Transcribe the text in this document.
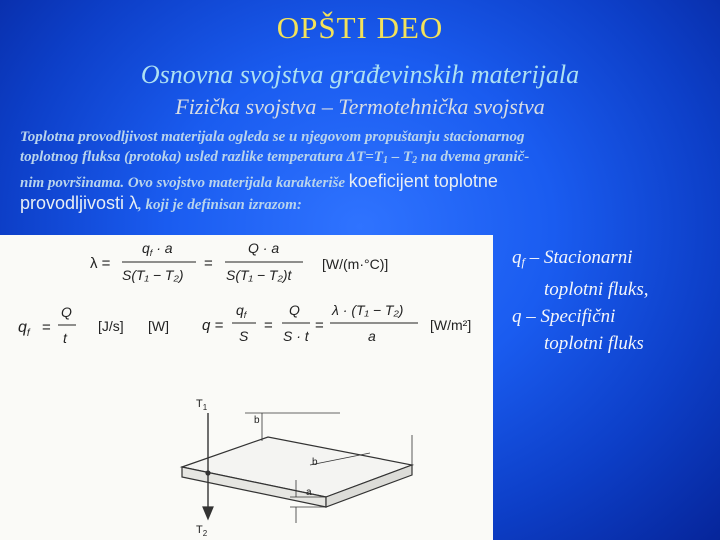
OPŠTI DEO
Osnovna svojstva građevinskih materijala
Fizička svojstva – Termotehnička svojstva
Toplotna provodljivost materijala ogleda se u njegovom propuštanju stacionarnog
toplotnog fluksa (protoka) usled razlike temperatura $\Delta T=T_1 - T_2$ na dvema granič-
nim površinama. Ovo svojstvo materijala karakteriše koeficijent toplotne
provodljivosti λ, koji je definisan izrazom:
λ =
$q_f \cdot a$
S(T₁ − T₂)
=
Q · a
S(T₁ − T₂)t
[W/(m·°C)]
$q_f$ =
Q
t
[J/s] [W] q =
$q_f$
S
=
Q
S · t
=
λ · (T₁ − T₂)
a
[W/m²]
$T_1$
$T_2$
b
b
a
$q_f$ – Stacionarni

toplotni fluks,
q – Specifični

toplotni fluks
